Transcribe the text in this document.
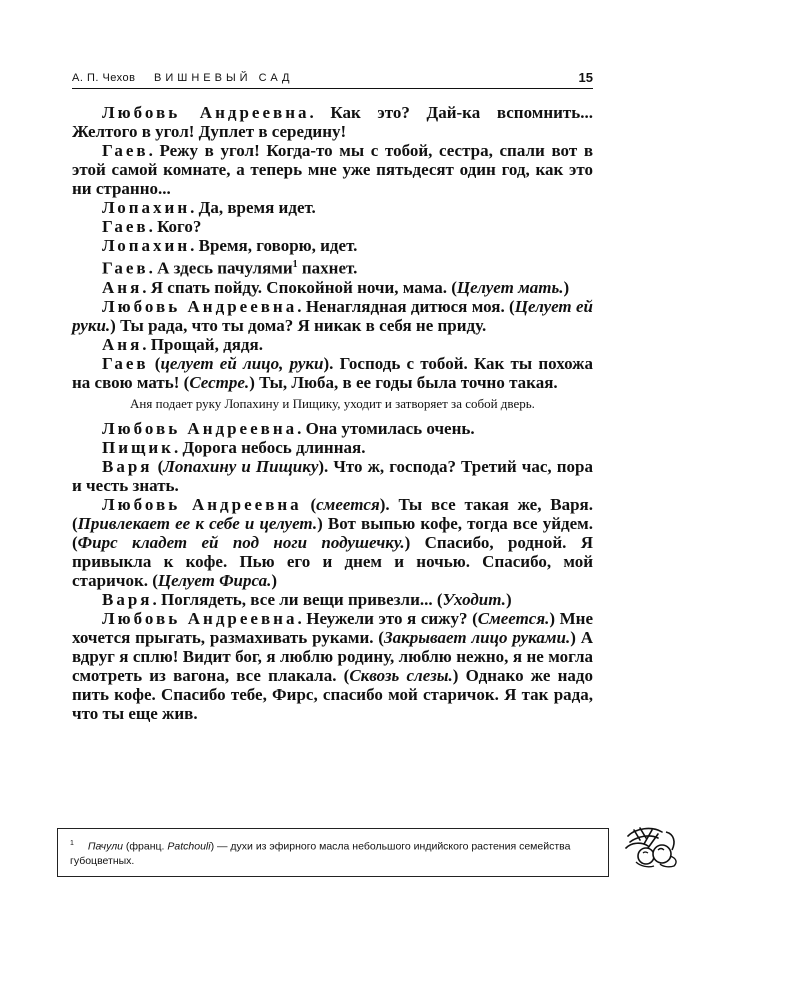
А. П. Чехов ВИШНЕВЫЙ САД	15

Любовь Андреевна. Как это? Дай-ка вспомнить... Желтого в угол! Дуплет в середину!

Гаев. Режу в угол! Когда-то мы с тобой, сестра, спали вот в этой самой комнате, а теперь мне уже пятьдесят один год, как это ни странно...

Лопахин. Да, время идет.

Гаев. Кого?

Лопахин. Время, говорю, идет.

Гаев. А здесь пачулями$^1$ пахнет.

Аня. Я спать пойду. Спокойной ночи, мама. (Целует мать.)

Любовь Андреевна. Ненаглядная дитюся моя. (Целует ей руки.) Ты рада, что ты дома? Я никак в себя не приду.

Аня. Прощай, дядя.

Гаев (целует ей лицо, руки). Господь с тобой. Как ты похожа на свою мать! (Сестре.) Ты, Люба, в ее годы была точно такая.

Аня подает руку Лопахину и Пищику, уходит и затворяет за собой дверь.

Любовь Андреевна. Она утомилась очень.

Пищик. Дорога небось длинная.

Варя (Лопахину и Пищику). Что ж, господа? Третий час, пора и честь знать.

Любовь Андреевна (смеется). Ты все такая же, Варя. (Привлекает ее к себе и целует.) Вот выпью кофе, тогда все уйдем. (Фирс кладет ей под ноги подушечку.) Спасибо, родной. Я привыкла к кофе. Пью его и днем и ночью. Спасибо, мой старичок. (Целует Фирса.)

Варя. Поглядеть, все ли вещи привезли... (Уходит.)

Любовь Андреевна. Неужели это я сижу? (Смеется.) Мне хочется прыгать, размахивать руками. (Закрывает лицо руками.) А вдруг я сплю! Видит бог, я люблю родину, люблю нежно, я не могла смотреть из вагона, все плакала. (Сквозь слезы.) Однако же надо пить кофе. Спасибо тебе, Фирс, спасибо мой старичок. Я так рада, что ты еще жив.

$^1$ Пачули (франц. Patchouli) — духи из эфирного масла небольшого индийского растения семейства губоцветных.
